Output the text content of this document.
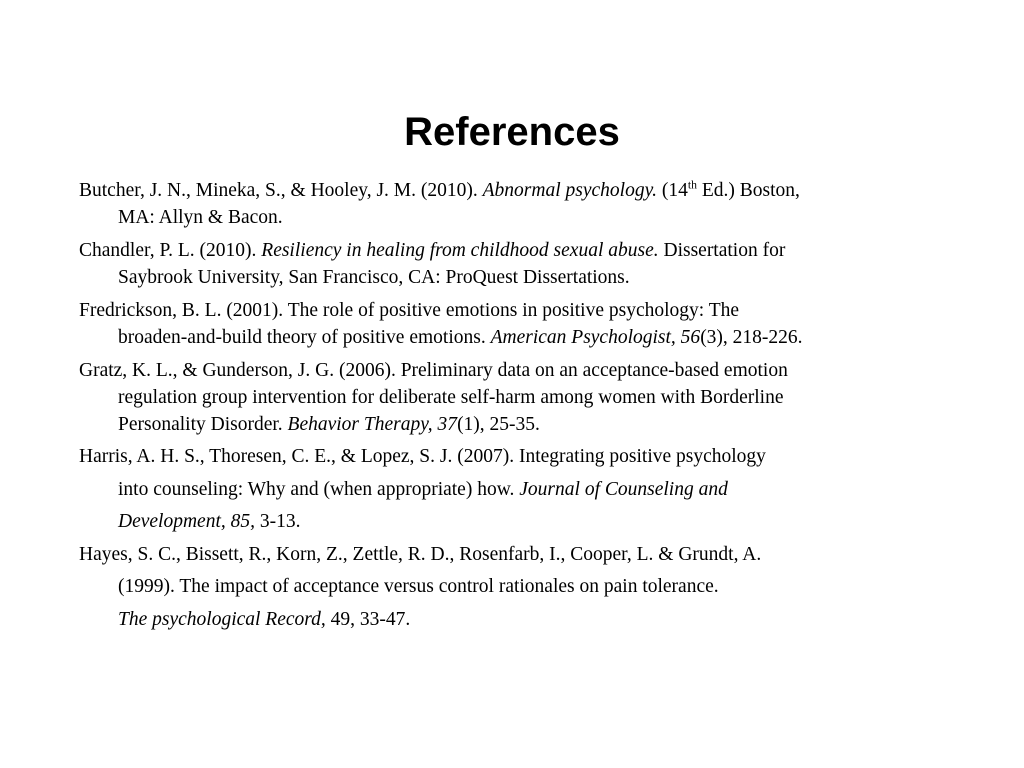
References

Butcher, J. N., Mineka, S., & Hooley, J. M. (2010). Abnormal psychology. (14th Ed.) Boston,
MA: Allyn & Bacon.

Chandler, P. L. (2010). Resiliency in healing from childhood sexual abuse. Dissertation for
Saybrook University, San Francisco, CA: ProQuest Dissertations.

Fredrickson, B. L. (2001). The role of positive emotions in positive psychology: The
broaden-and-build theory of positive emotions. American Psychologist, 56(3), 218-226.

Gratz, K. L., & Gunderson, J. G. (2006). Preliminary data on an acceptance-based emotion
regulation group intervention for deliberate self-harm among women with Borderline
Personality Disorder. Behavior Therapy, 37(1), 25-35.

Harris, A. H. S., Thoresen, C. E., & Lopez, S. J. (2007). Integrating positive psychology
into counseling: Why and (when appropriate) how. Journal of Counseling and
Development, 85, 3-13.

Hayes, S. C., Bissett, R., Korn, Z., Zettle, R. D., Rosenfarb, I., Cooper, L. & Grundt, A.
(1999). The impact of acceptance versus control rationales on pain tolerance.
The psychological Record, 49, 33-47.
